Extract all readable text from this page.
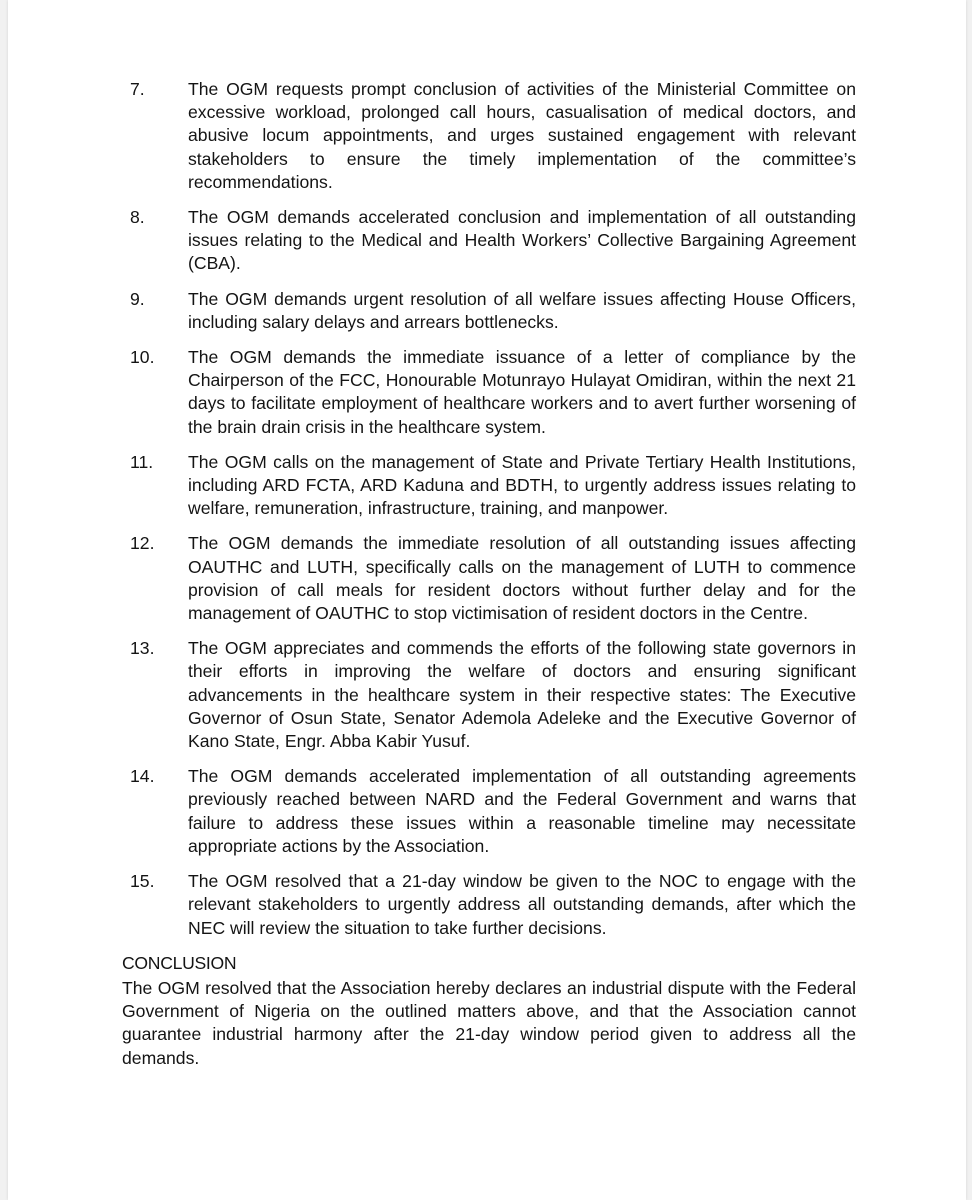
7.	The OGM requests prompt conclusion of activities of the Ministerial Committee on excessive workload, prolonged call hours, casualisation of medical doctors, and abusive locum appointments, and urges sustained engagement with relevant stakeholders to ensure the timely implementation of the committee’s recommendations.
8.	The OGM demands accelerated conclusion and implementation of all outstanding issues relating to the Medical and Health Workers’ Collective Bargaining Agreement (CBA).
9.	The OGM demands urgent resolution of all welfare issues affecting House Officers, including salary delays and arrears bottlenecks.
10.	The OGM demands the immediate issuance of a letter of compliance by the Chairperson of the FCC, Honourable Motunrayo Hulayat Omidiran, within the next 21 days to facilitate employment of healthcare workers and to avert further worsening of the brain drain crisis in the healthcare system.
11.	The OGM calls on the management of State and Private Tertiary Health Institutions, including ARD FCTA, ARD Kaduna and BDTH, to urgently address issues relating to welfare, remuneration, infrastructure, training, and manpower.
12.	The OGM demands the immediate resolution of all outstanding issues affecting OAUTHC and LUTH, specifically calls on the management of LUTH to commence provision of call meals for resident doctors without further delay and for the management of OAUTHC to stop victimisation of resident doctors in the Centre.
13.	The OGM appreciates and commends the efforts of the following state governors in their efforts in improving the welfare of doctors and ensuring significant advancements in the healthcare system in their respective states: The Executive Governor of Osun State, Senator Ademola Adeleke and the Executive Governor of Kano State, Engr. Abba Kabir Yusuf.
14.	The OGM demands accelerated implementation of all outstanding agreements previously reached between NARD and the Federal Government and warns that failure to address these issues within a reasonable timeline may necessitate appropriate actions by the Association.
15.	The OGM resolved that a 21-day window be given to the NOC to engage with the relevant stakeholders to urgently address all outstanding demands, after which the NEC will review the situation to take further decisions.
CONCLUSION

The OGM resolved that the Association hereby declares an industrial dispute with the Federal Government of Nigeria on the outlined matters above, and that the Association cannot guarantee industrial harmony after the 21-day window period given to address all the demands.
